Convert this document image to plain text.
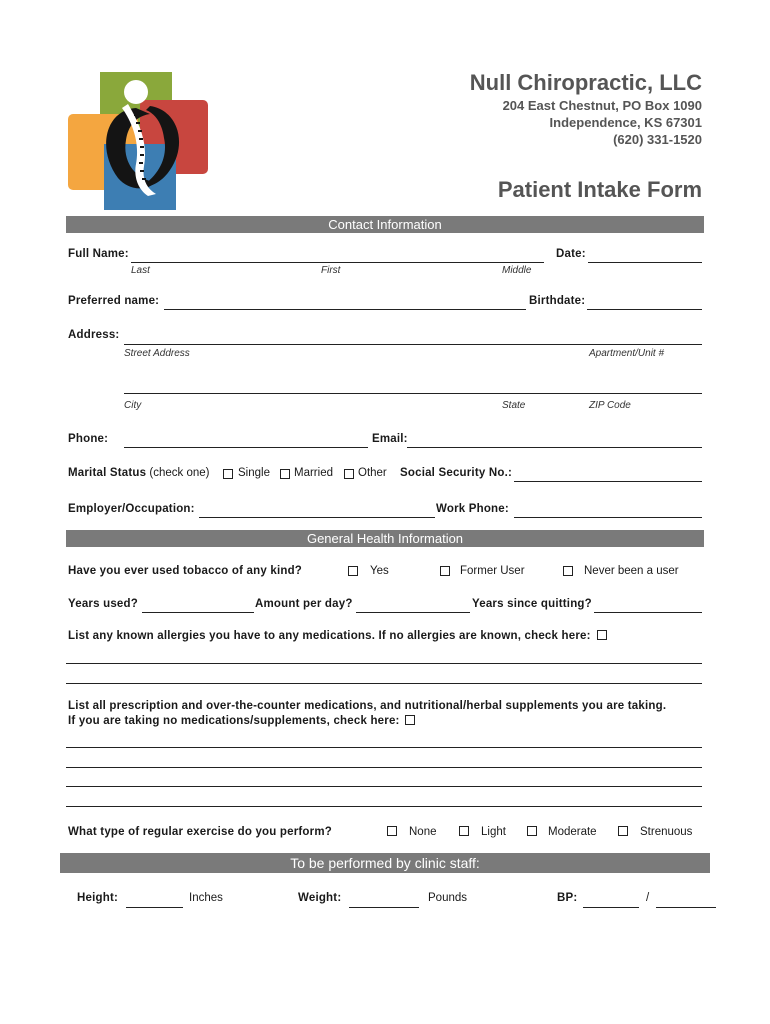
Null Chiropractic, LLC
204 East Chestnut, PO Box 1090
Independence, KS 67301
(620) 331-1520
Patient Intake Form
Contact Information
Full Name:	Date:
Last	First	Middle
Preferred name:	Birthdate:
Address:
Street Address	Apartment/Unit #
City	State	ZIP Code
Phone:	Email:
Marital Status (check one) Single Married Other Social Security No.:
Employer/Occupation:	Work Phone:
General Health Information
Have you ever used tobacco of any kind?	Yes	Former User	Never been a user
Years used?	Amount per day?	Years since quitting?
List any known allergies you have to any medications. If no allergies are known, check here:
List all prescription and over-the-counter medications, and nutritional/herbal supplements you are taking.
If you are taking no medications/supplements, check here:
What type of regular exercise do you perform?	None	Light	Moderate	Strenuous
To be performed by clinic staff:
Height:	Inches	Weight:	Pounds	BP:	/
